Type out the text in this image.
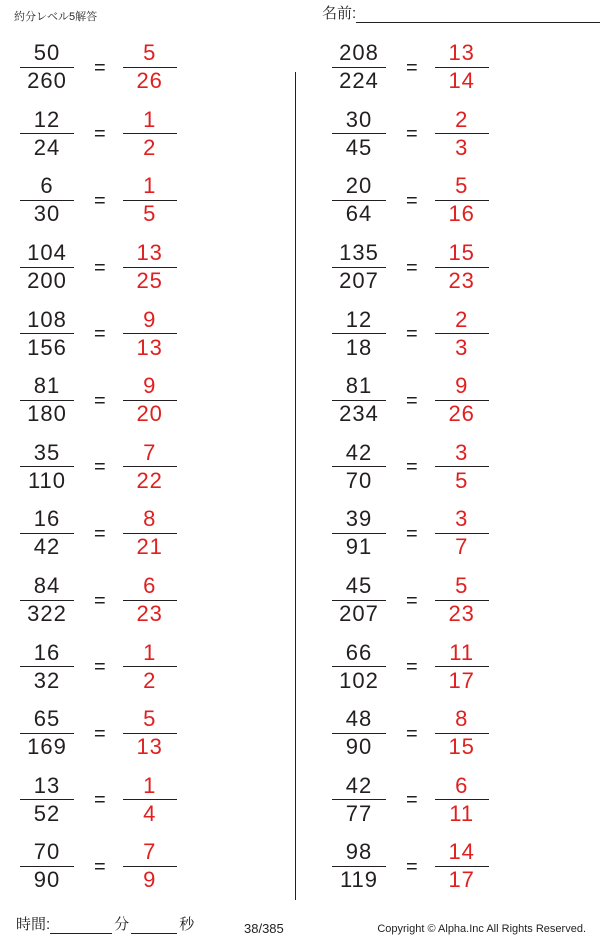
約分レベル5解答	名前:
$\frac{50}{260} = \frac{5}{26}$
$\frac{12}{24} = \frac{1}{2}$
$\frac{6}{30} = \frac{1}{5}$
$\frac{104}{200} = \frac{13}{25}$
$\frac{108}{156} = \frac{9}{13}$
$\frac{81}{180} = \frac{9}{20}$
$\frac{35}{110} = \frac{7}{22}$
$\frac{16}{42} = \frac{8}{21}$
$\frac{84}{322} = \frac{6}{23}$
$\frac{16}{32} = \frac{1}{2}$
$\frac{65}{169} = \frac{5}{13}$
$\frac{13}{52} = \frac{1}{4}$
$\frac{70}{90} = \frac{7}{9}$
$\frac{208}{224} = \frac{13}{14}$
$\frac{30}{45} = \frac{2}{3}$
$\frac{20}{64} = \frac{5}{16}$
$\frac{135}{207} = \frac{15}{23}$
$\frac{12}{18} = \frac{2}{3}$
$\frac{81}{234} = \frac{9}{26}$
$\frac{42}{70} = \frac{3}{5}$
$\frac{39}{91} = \frac{3}{7}$
$\frac{45}{207} = \frac{5}{23}$
$\frac{66}{102} = \frac{11}{17}$
$\frac{48}{90} = \frac{8}{15}$
$\frac{42}{77} = \frac{6}{11}$
$\frac{98}{119} = \frac{14}{17}$
時間:	分	秒	38/385	Copyright © Alpha.Inc All Rights Reserved.
